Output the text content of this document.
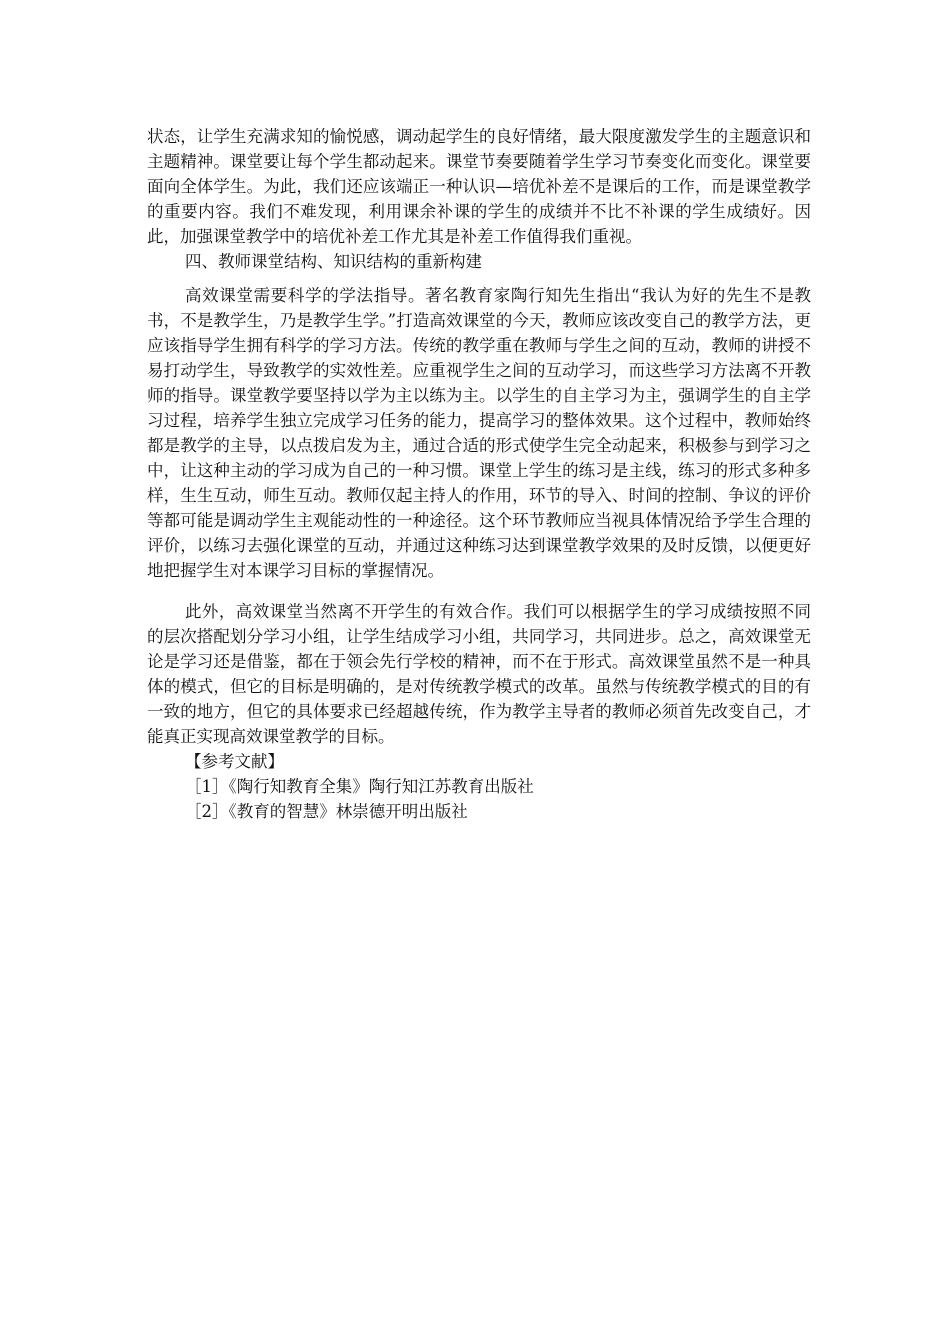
状态，让学生充满求知的愉悦感，调动起学生的良好情绪，最大限度激发学生的主题意识和主题精神。课堂要让每个学生都动起来。课堂节奏要随着学生学习节奏变化而变化。课堂要面向全体学生。为此，我们还应该端正一种认识—培优补差不是课后的工作，而是课堂教学的重要内容。我们不难发现，利用课余补课的学生的成绩并不比不补课的学生成绩好。因此，加强课堂教学中的培优补差工作尤其是补差工作值得我们重视。

四、教师课堂结构、知识结构的重新构建

高效课堂需要科学的学法指导。著名教育家陶行知先生指出“我认为好的先生不是教书，不是教学生，乃是教学生学。”打造高效课堂的今天，教师应该改变自己的教学方法，更应该指导学生拥有科学的学习方法。传统的教学重在教师与学生之间的互动，教师的讲授不易打动学生，导致教学的实效性差。应重视学生之间的互动学习，而这些学习方法离不开教师的指导。课堂教学要坚持以学为主以练为主。以学生的自主学习为主，强调学生的自主学习过程，培养学生独立完成学习任务的能力，提高学习的整体效果。这个过程中，教师始终都是教学的主导，以点拨启发为主，通过合适的形式使学生完全动起来，积极参与到学习之中，让这种主动的学习成为自己的一种习惯。课堂上学生的练习是主线，练习的形式多种多样，生生互动，师生互动。教师仅起主持人的作用，环节的导入、时间的控制、争议的评价等都可能是调动学生主观能动性的一种途径。这个环节教师应当视具体情况给予学生合理的评价，以练习去强化课堂的互动，并通过这种练习达到课堂教学效果的及时反馈，以便更好地把握学生对本课学习目标的掌握情况。

此外，高效课堂当然离不开学生的有效合作。我们可以根据学生的学习成绩按照不同的层次搭配划分学习小组，让学生结成学习小组，共同学习，共同进步。总之，高效课堂无论是学习还是借鉴，都在于领会先行学校的精神，而不在于形式。高效课堂虽然不是一种具体的模式，但它的目标是明确的，是对传统教学模式的改革。虽然与传统教学模式的目的有一致的地方，但它的具体要求已经超越传统，作为教学主导者的教师必须首先改变自己，才能真正实现高效课堂教学的目标。

【参考文献】

［1］《陶行知教育全集》陶行知江苏教育出版社

［2］《教育的智慧》林崇德开明出版社
